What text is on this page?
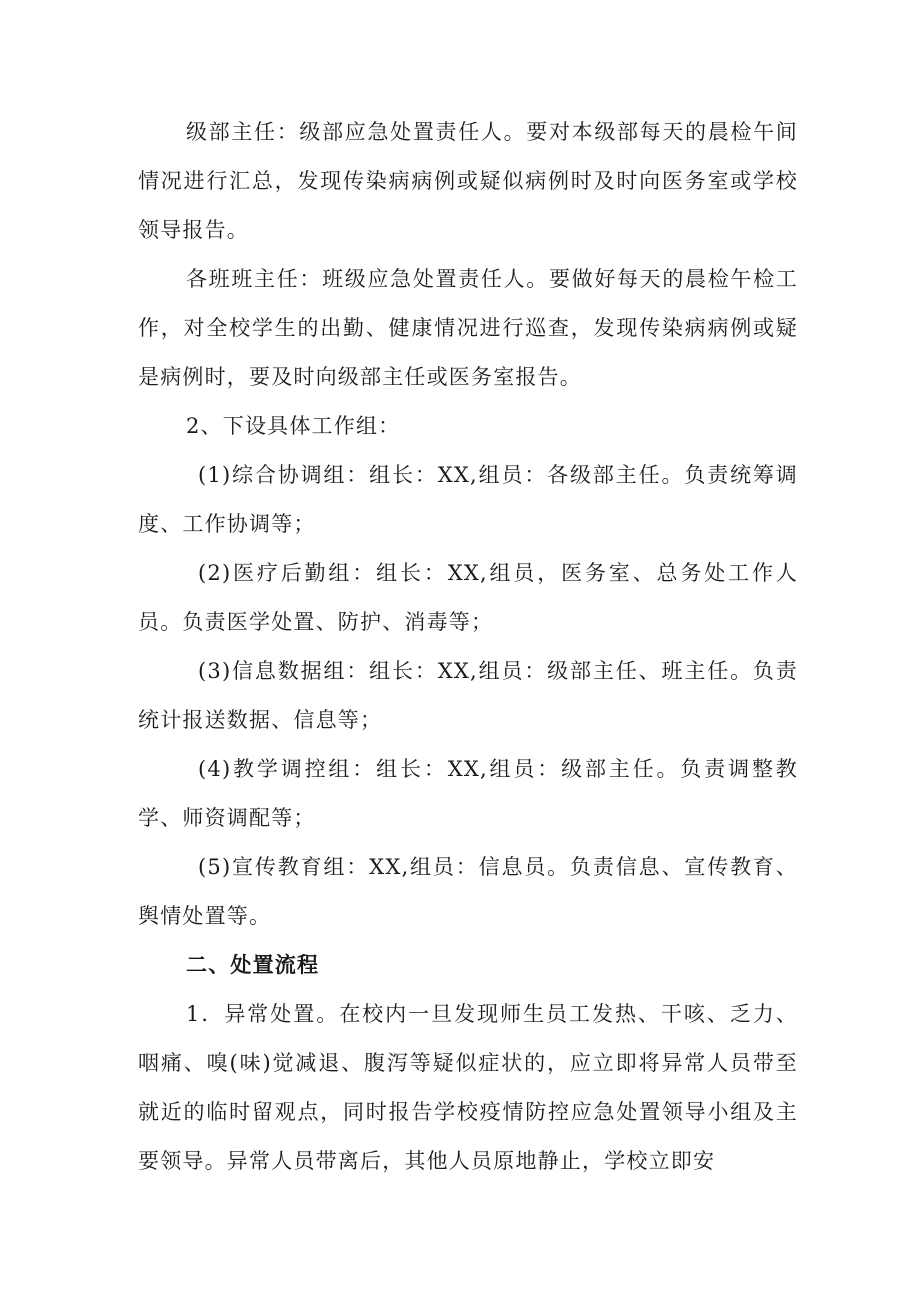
级部主任：级部应急处置责任人。要对本级部每天的晨检午间情况进行汇总，发现传染病病例或疑似病例时及时向医务室或学校领导报告。

各班班主任：班级应急处置责任人。要做好每天的晨检午检工作，对全校学生的出勤、健康情况进行巡查，发现传染病病例或疑是病例时，要及时向级部主任或医务室报告。

2、下设具体工作组：

(1)综合协调组：组长：XX,组员：各级部主任。负责统筹调度、工作协调等；

(2)医疗后勤组：组长：XX,组员，医务室、总务处工作人员。负责医学处置、防护、消毒等；

(3)信息数据组：组长：XX,组员：级部主任、班主任。负责统计报送数据、信息等；

(4)教学调控组：组长：XX,组员：级部主任。负责调整教学、师资调配等；

(5)宣传教育组：XX,组员：信息员。负责信息、宣传教育、舆情处置等。

二、处置流程

1．异常处置。在校内一旦发现师生员工发热、干咳、乏力、咽痛、嗅(味)觉减退、腹泻等疑似症状的，应立即将异常人员带至就近的临时留观点，同时报告学校疫情防控应急处置领导小组及主要领导。异常人员带离后，其他人员原地静止，学校立即安
